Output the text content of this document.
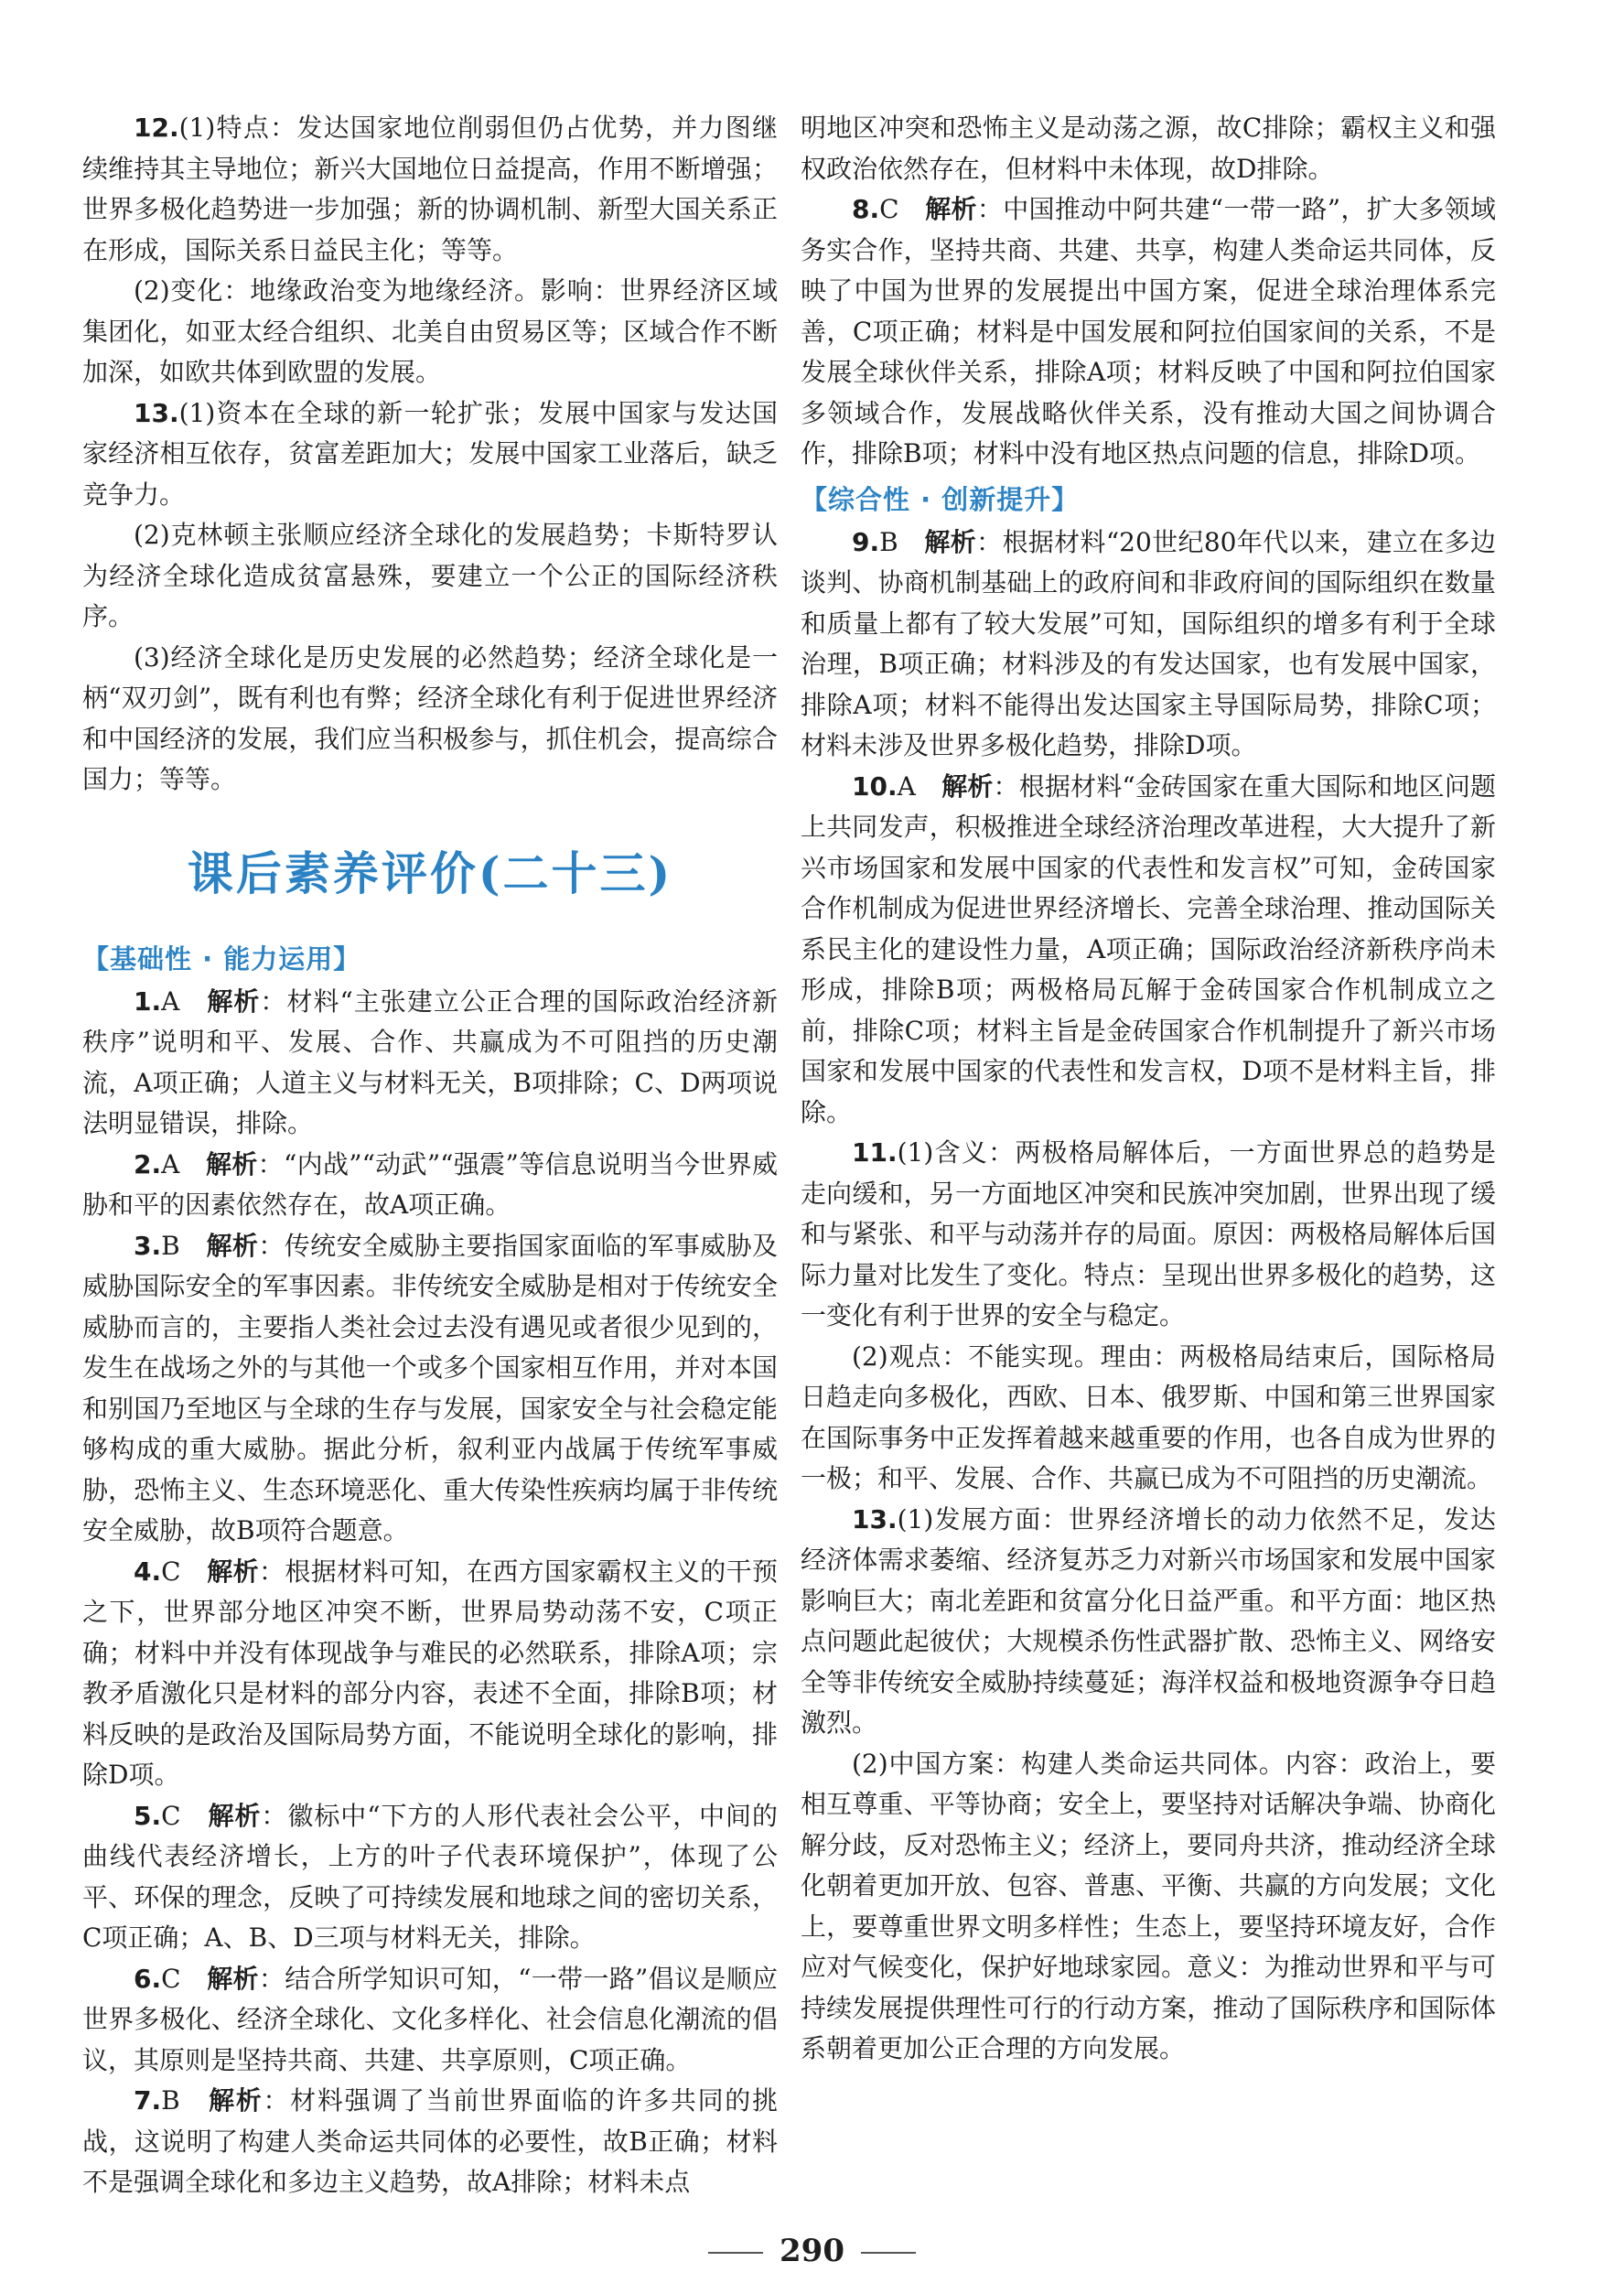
12.(1)特点：发达国家地位削弱但仍占优势，并力图继续维持其主导地位；新兴大国地位日益提高，作用不断增强；世界多极化趋势进一步加强；新的协调机制、新型大国关系正在形成，国际关系日益民主化；等等。

(2)变化：地缘政治变为地缘经济。影响：世界经济区域集团化，如亚太经合组织、北美自由贸易区等；区域合作不断加深，如欧共体到欧盟的发展。

13.(1)资本在全球的新一轮扩张；发展中国家与发达国家经济相互依存，贫富差距加大；发展中国家工业落后，缺乏竞争力。

(2)克林顿主张顺应经济全球化的发展趋势；卡斯特罗认为经济全球化造成贫富悬殊，要建立一个公正的国际经济秩序。

(3)经济全球化是历史发展的必然趋势；经济全球化是一柄“双刃剑”，既有利也有弊；经济全球化有利于促进世界经济和中国经济的发展，我们应当积极参与，抓住机会，提高综合国力；等等。

课后素养评价(二十三)

【基础性 · 能力运用】

1.A　 解析：材料“主张建立公正合理的国际政治经济新秩序”说明和平、发展、合作、共赢成为不可阻挡的历史潮流，A项正确；人道主义与材料无关，B项排除；C、D两项说法明显错误，排除。

2.A　 解析：“内战”“动武”“强震”等信息说明当今世界威胁和平的因素依然存在，故A项正确。

3.B　 解析：传统安全威胁主要指国家面临的军事威胁及威胁国际安全的军事因素。非传统安全威胁是相对于传统安全威胁而言的，主要指人类社会过去没有遇见或者很少见到的，发生在战场之外的与其他一个或多个国家相互作用，并对本国和别国乃至地区与全球的生存与发展，国家安全与社会稳定能够构成的重大威胁。据此分析，叙利亚内战属于传统军事威胁，恐怖主义、生态环境恶化、重大传染性疾病均属于非传统安全威胁，故B项符合题意。

4.C　 解析：根据材料可知，在西方国家霸权主义的干预之下，世界部分地区冲突不断，世界局势动荡不安，C项正确；材料中并没有体现战争与难民的必然联系，排除A项；宗教矛盾激化只是材料的部分内容，表述不全面，排除B项；材料反映的是政治及国际局势方面，不能说明全球化的影响，排除D项。

5.C　 解析：徽标中“下方的人形代表社会公平，中间的曲线代表经济增长，上方的叶子代表环境保护”，体现了公平、环保的理念，反映了可持续发展和地球之间的密切关系，C项正确；A、B、D三项与材料无关，排除。

6.C　 解析：结合所学知识可知，“一带一路”倡议是顺应世界多极化、经济全球化、文化多样化、社会信息化潮流的倡议，其原则是坚持共商、共建、共享原则，C项正确。

7.B　 解析：材料强调了当前世界面临的许多共同的挑战，这说明了构建人类命运共同体的必要性，故B正确；材料不是强调全球化和多边主义趋势，故A排除；材料未点

明地区冲突和恐怖主义是动荡之源，故C排除；霸权主义和强权政治依然存在，但材料中未体现，故D排除。

8.C　 解析：中国推动中阿共建“一带一路”，扩大多领域务实合作，坚持共商、共建、共享，构建人类命运共同体，反映了中国为世界的发展提出中国方案，促进全球治理体系完善，C项正确；材料是中国发展和阿拉伯国家间的关系，不是发展全球伙伴关系，排除A项；材料反映了中国和阿拉伯国家多领域合作，发展战略伙伴关系，没有推动大国之间协调合作，排除B项；材料中没有地区热点问题的信息，排除D项。

【综合性 · 创新提升】

9.B　 解析：根据材料“20世纪80年代以来，建立在多边谈判、协商机制基础上的政府间和非政府间的国际组织在数量和质量上都有了较大发展”可知，国际组织的增多有利于全球治理，B项正确；材料涉及的有发达国家，也有发展中国家，排除A项；材料不能得出发达国家主导国际局势，排除C项；材料未涉及世界多极化趋势，排除D项。

10.A　 解析：根据材料“金砖国家在重大国际和地区问题上共同发声，积极推进全球经济治理改革进程，大大提升了新兴市场国家和发展中国家的代表性和发言权”可知，金砖国家合作机制成为促进世界经济增长、完善全球治理、推动国际关系民主化的建设性力量，A项正确；国际政治经济新秩序尚未形成，排除B项；两极格局瓦解于金砖国家合作机制成立之前，排除C项；材料主旨是金砖国家合作机制提升了新兴市场国家和发展中国家的代表性和发言权，D项不是材料主旨，排除。

11.(1)含义：两极格局解体后，一方面世界总的趋势是走向缓和，另一方面地区冲突和民族冲突加剧，世界出现了缓和与紧张、和平与动荡并存的局面。原因：两极格局解体后国际力量对比发生了变化。特点：呈现出世界多极化的趋势，这一变化有利于世界的安全与稳定。

(2)观点：不能实现。理由：两极格局结束后，国际格局日趋走向多极化，西欧、日本、俄罗斯、中国和第三世界国家在国际事务中正发挥着越来越重要的作用，也各自成为世界的一极；和平、发展、合作、共赢已成为不可阻挡的历史潮流。

13.(1)发展方面：世界经济增长的动力依然不足，发达经济体需求萎缩、经济复苏乏力对新兴市场国家和发展中国家影响巨大；南北差距和贫富分化日益严重。和平方面：地区热点问题此起彼伏；大规模杀伤性武器扩散、恐怖主义、网络安全等非传统安全威胁持续蔓延；海洋权益和极地资源争夺日趋激烈。

(2)中国方案：构建人类命运共同体。内容：政治上，要相互尊重、平等协商；安全上，要坚持对话解决争端、协商化解分歧，反对恐怖主义；经济上，要同舟共济，推动经济全球化朝着更加开放、包容、普惠、平衡、共赢的方向发展；文化上，要尊重世界文明多样性；生态上，要坚持环境友好，合作应对气候变化，保护好地球家园。意义：为推动世界和平与可持续发展提供理性可行的行动方案，推动了国际秩序和国际体系朝着更加公正合理的方向发展。

290
